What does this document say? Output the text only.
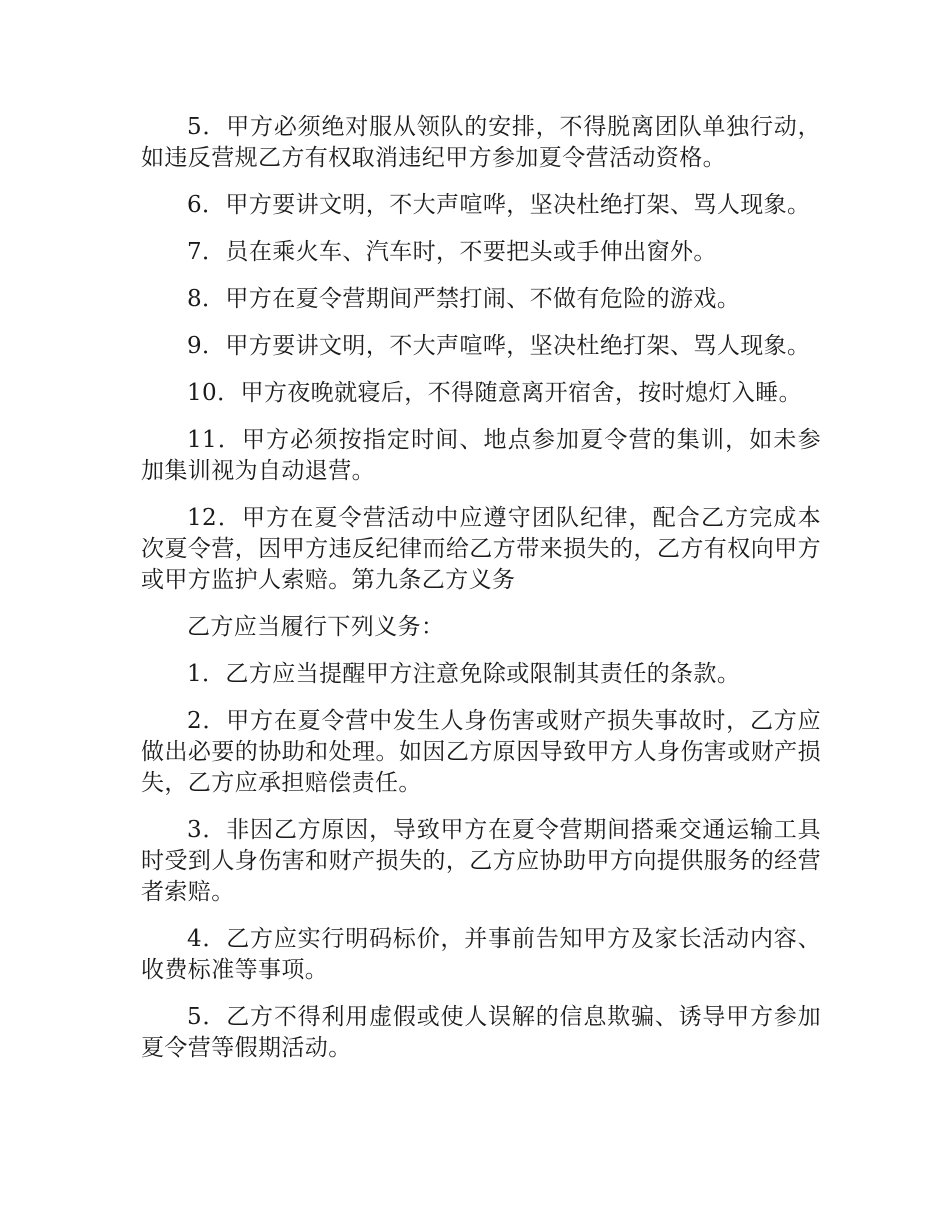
5．甲方必须绝对服从领队的安排，不得脱离团队单独行动，如违反营规乙方有权取消违纪甲方参加夏令营活动资格。

6．甲方要讲文明，不大声喧哗，坚决杜绝打架、骂人现象。

7．员在乘火车、汽车时，不要把头或手伸出窗外。

8．甲方在夏令营期间严禁打闹、不做有危险的游戏。

9．甲方要讲文明，不大声喧哗，坚决杜绝打架、骂人现象。

10．甲方夜晚就寝后，不得随意离开宿舍，按时熄灯入睡。

11．甲方必须按指定时间、地点参加夏令营的集训，如未参加集训视为自动退营。

12．甲方在夏令营活动中应遵守团队纪律，配合乙方完成本次夏令营，因甲方违反纪律而给乙方带来损失的，乙方有权向甲方或甲方监护人索赔。第九条乙方义务

乙方应当履行下列义务：

1．乙方应当提醒甲方注意免除或限制其责任的条款。

2．甲方在夏令营中发生人身伤害或财产损失事故时，乙方应做出必要的协助和处理。如因乙方原因导致甲方人身伤害或财产损失，乙方应承担赔偿责任。

3．非因乙方原因，导致甲方在夏令营期间搭乘交通运输工具时受到人身伤害和财产损失的，乙方应协助甲方向提供服务的经营者索赔。

4．乙方应实行明码标价，并事前告知甲方及家长活动内容、收费标准等事项。

5．乙方不得利用虚假或使人误解的信息欺骗、诱导甲方参加夏令营等假期活动。
